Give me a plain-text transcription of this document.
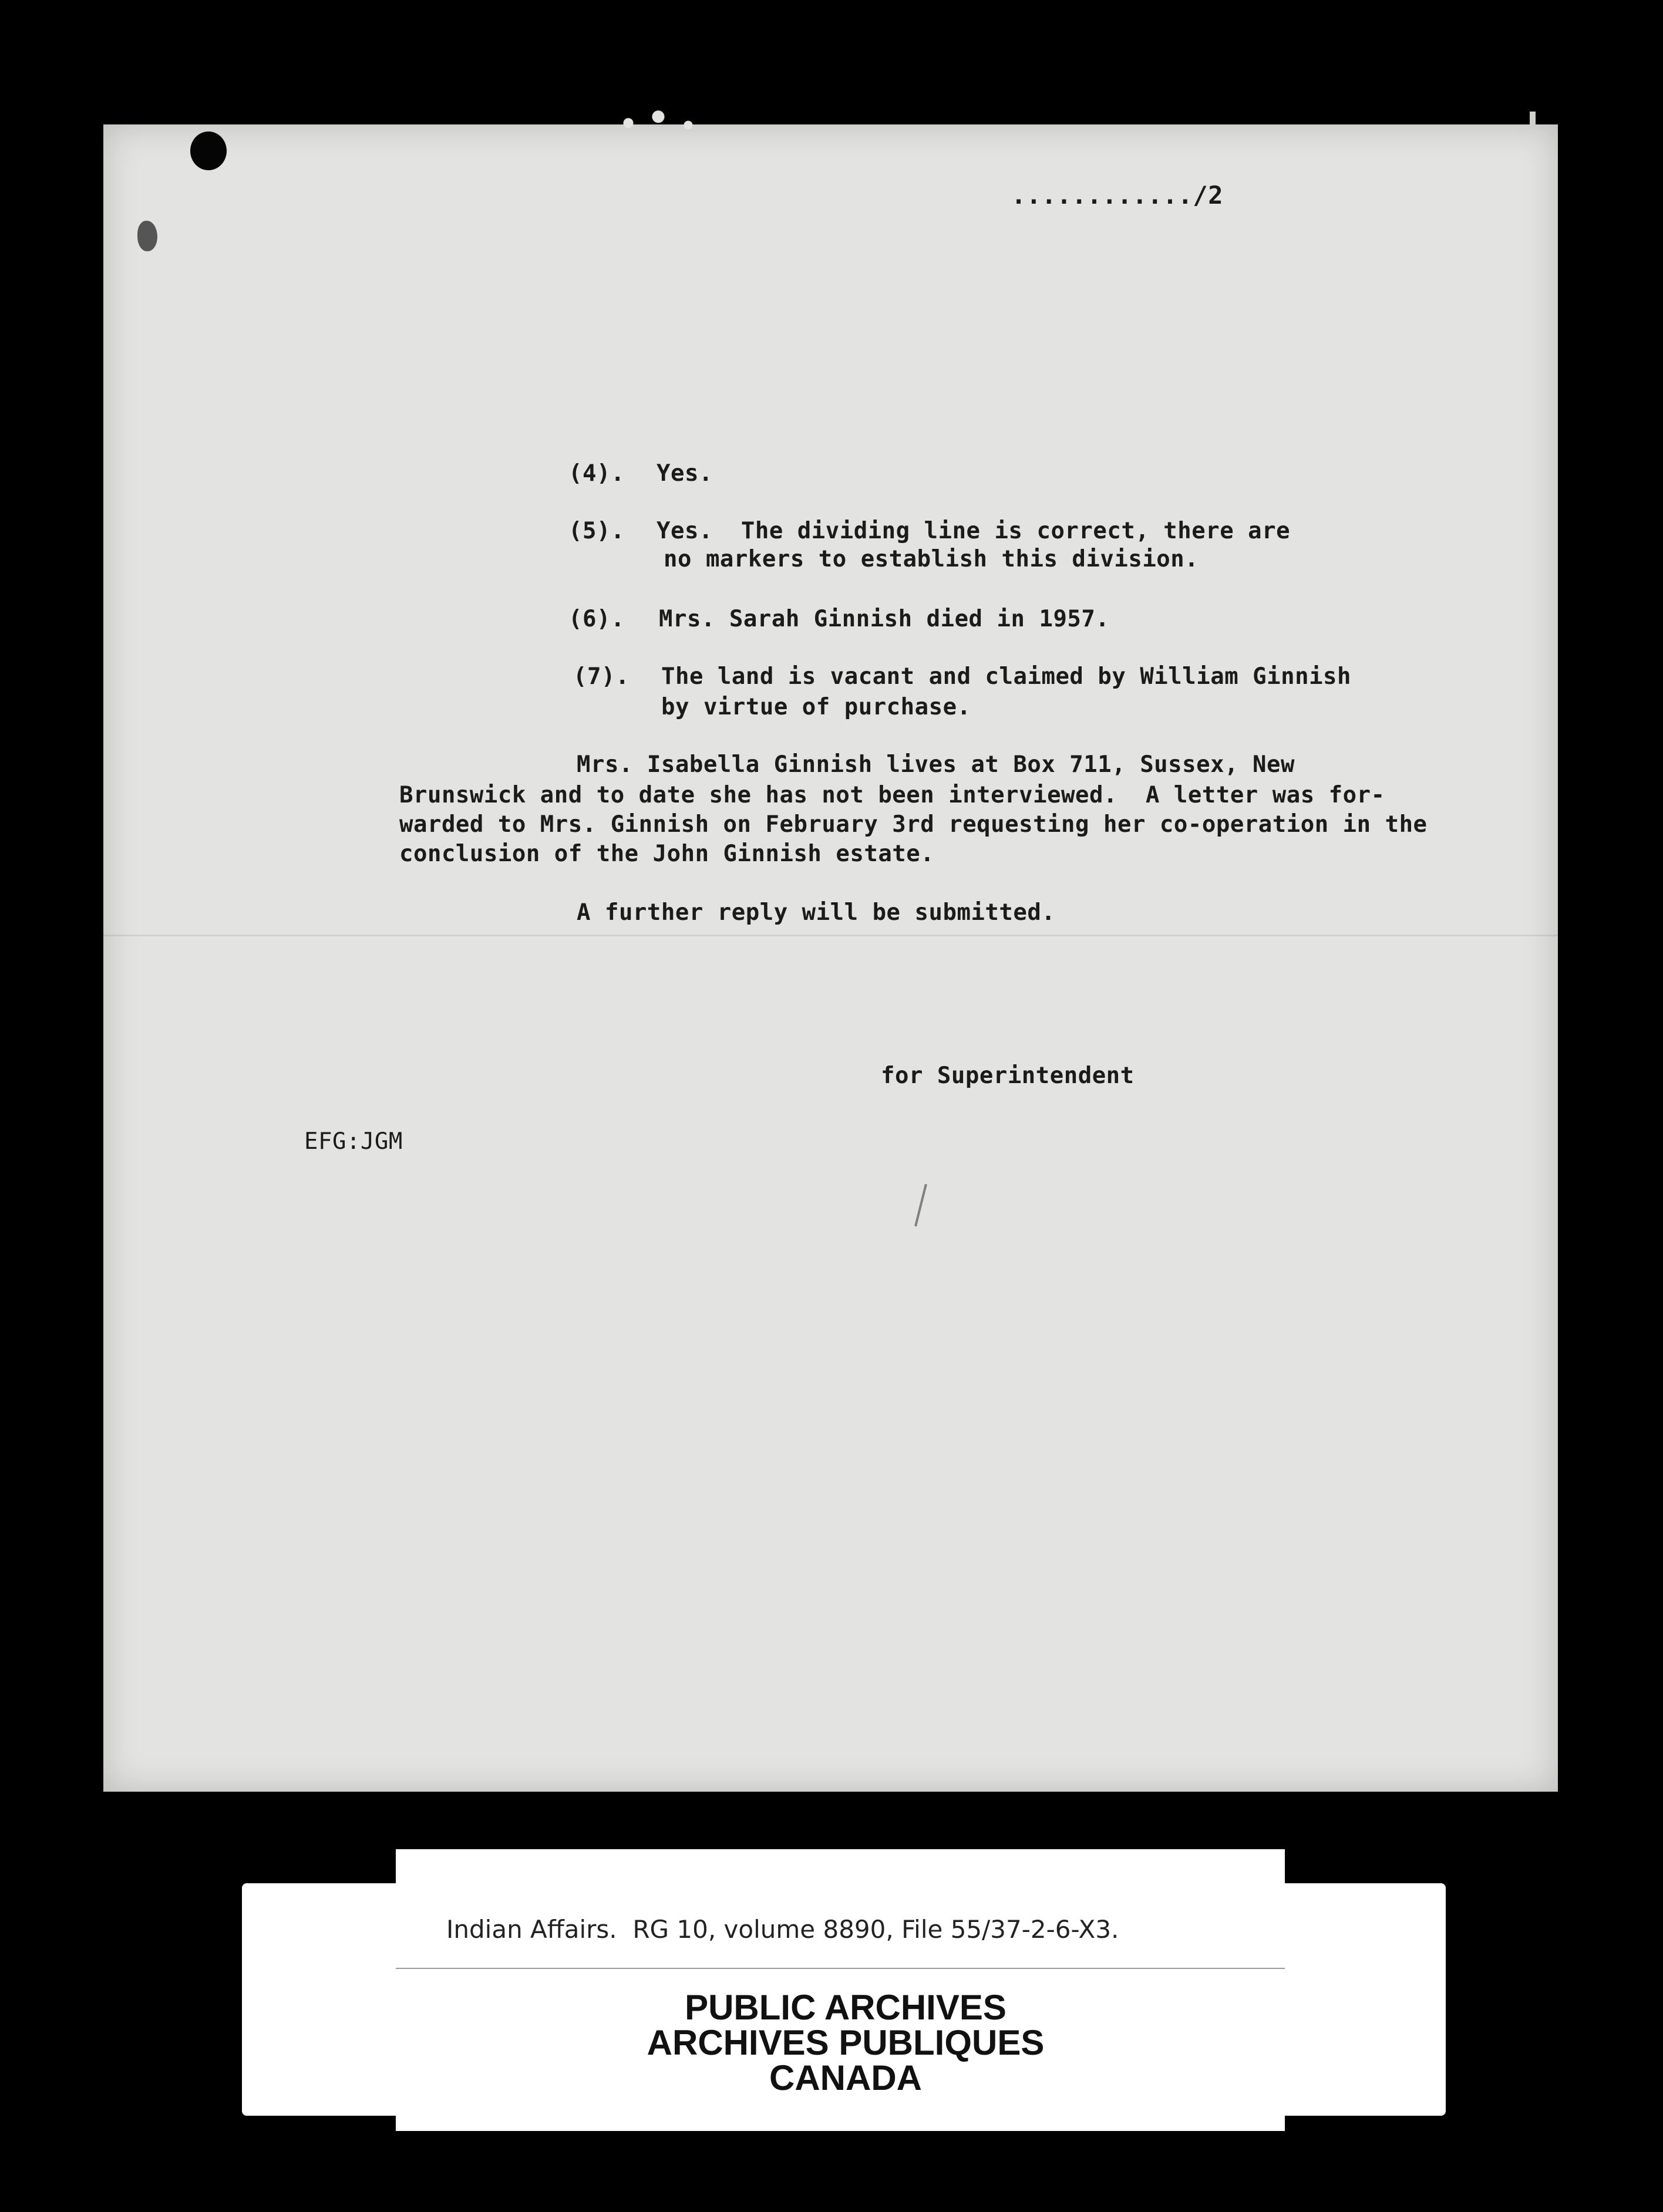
............/2
(4).	Yes.
(5).	Yes.  The dividing line is correct, there are
no markers to establish this division.
(6).	Mrs. Sarah Ginnish died in 1957.
(7).	The land is vacant and claimed by William Ginnish
by virtue of purchase.
Mrs. Isabella Ginnish lives at Box 711, Sussex, New
Brunswick and to date she has not been interviewed.  A letter was for-
warded to Mrs. Ginnish on February 3rd requesting her co-operation in the
conclusion of the John Ginnish estate.
A further reply will be submitted.
for Superintendent
EFG:JGM
Indian Affairs.  RG 10, volume 8890, File 55/37-2-6-X3.
PUBLIC ARCHIVES
ARCHIVES PUBLIQUES
CANADA
